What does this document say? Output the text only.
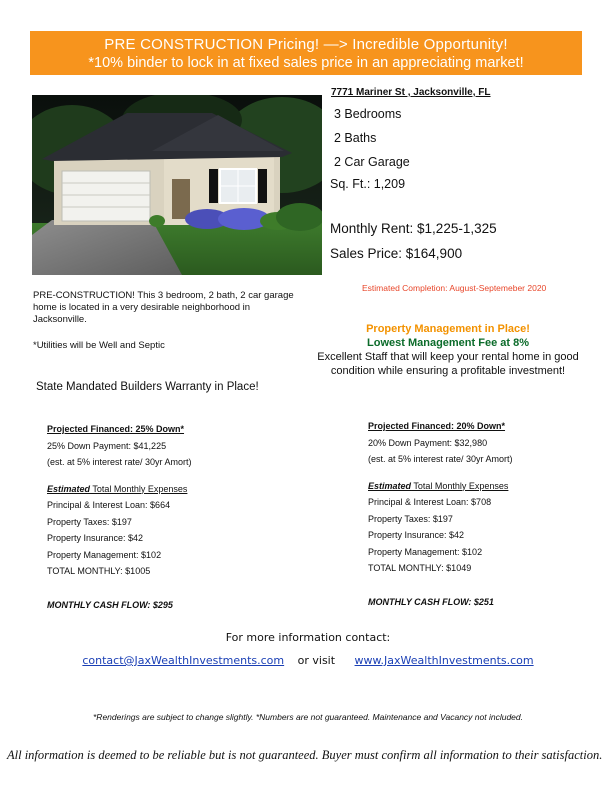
PRE CONSTRUCTION Pricing! —> Incredible Opportunity!
*10% binder to lock in at fixed sales price in an appreciating market!
7771 Mariner St , Jacksonville, FL
3 Bedrooms
2 Baths
2 Car Garage
Sq. Ft.: 1,209
Monthly Rent: $1,225-1,325
Sales Price: $164,900
Estimated Completion: August-Septemeber 2020
PRE-CONSTRUCTION! This 3 bedroom, 2 bath, 2 car garage home is located in a very desirable neighborhood in Jacksonville.
*Utilities will be Well and Septic
Property Management in Place!
Lowest Management Fee at 8%
Excellent Staff that will keep your rental home in good condition while ensuring a profitable investment!
State Mandated Builders Warranty in Place!
Projected Financed: 25% Down*
25% Down Payment: $41,225
(est. at 5% interest rate/ 30yr Amort)
Estimated Total Monthly Expenses
Principal & Interest Loan: $664
Property Taxes: $197
Property Insurance: $42
Property Management: $102
TOTAL MONTHLY: $1005
MONTHLY CASH FLOW: $295
Projected Financed: 20% Down*
20% Down Payment: $32,980
(est. at 5% interest rate/ 30yr Amort)
Estimated Total Monthly Expenses
Principal & Interest Loan: $708
Property Taxes: $197
Property Insurance: $42
Property Management: $102
TOTAL MONTHLY: $1049
MONTHLY CASH FLOW: $251
For more information contact:
contact@JaxWealthInvestments.com or visit www.JaxWealthInvestments.com
*Renderings are subject to change slightly. *Numbers are not guaranteed. Maintenance and Vacancy not included.
All information is deemed to be reliable but is not guaranteed. Buyer must confirm all information to their satisfaction.
